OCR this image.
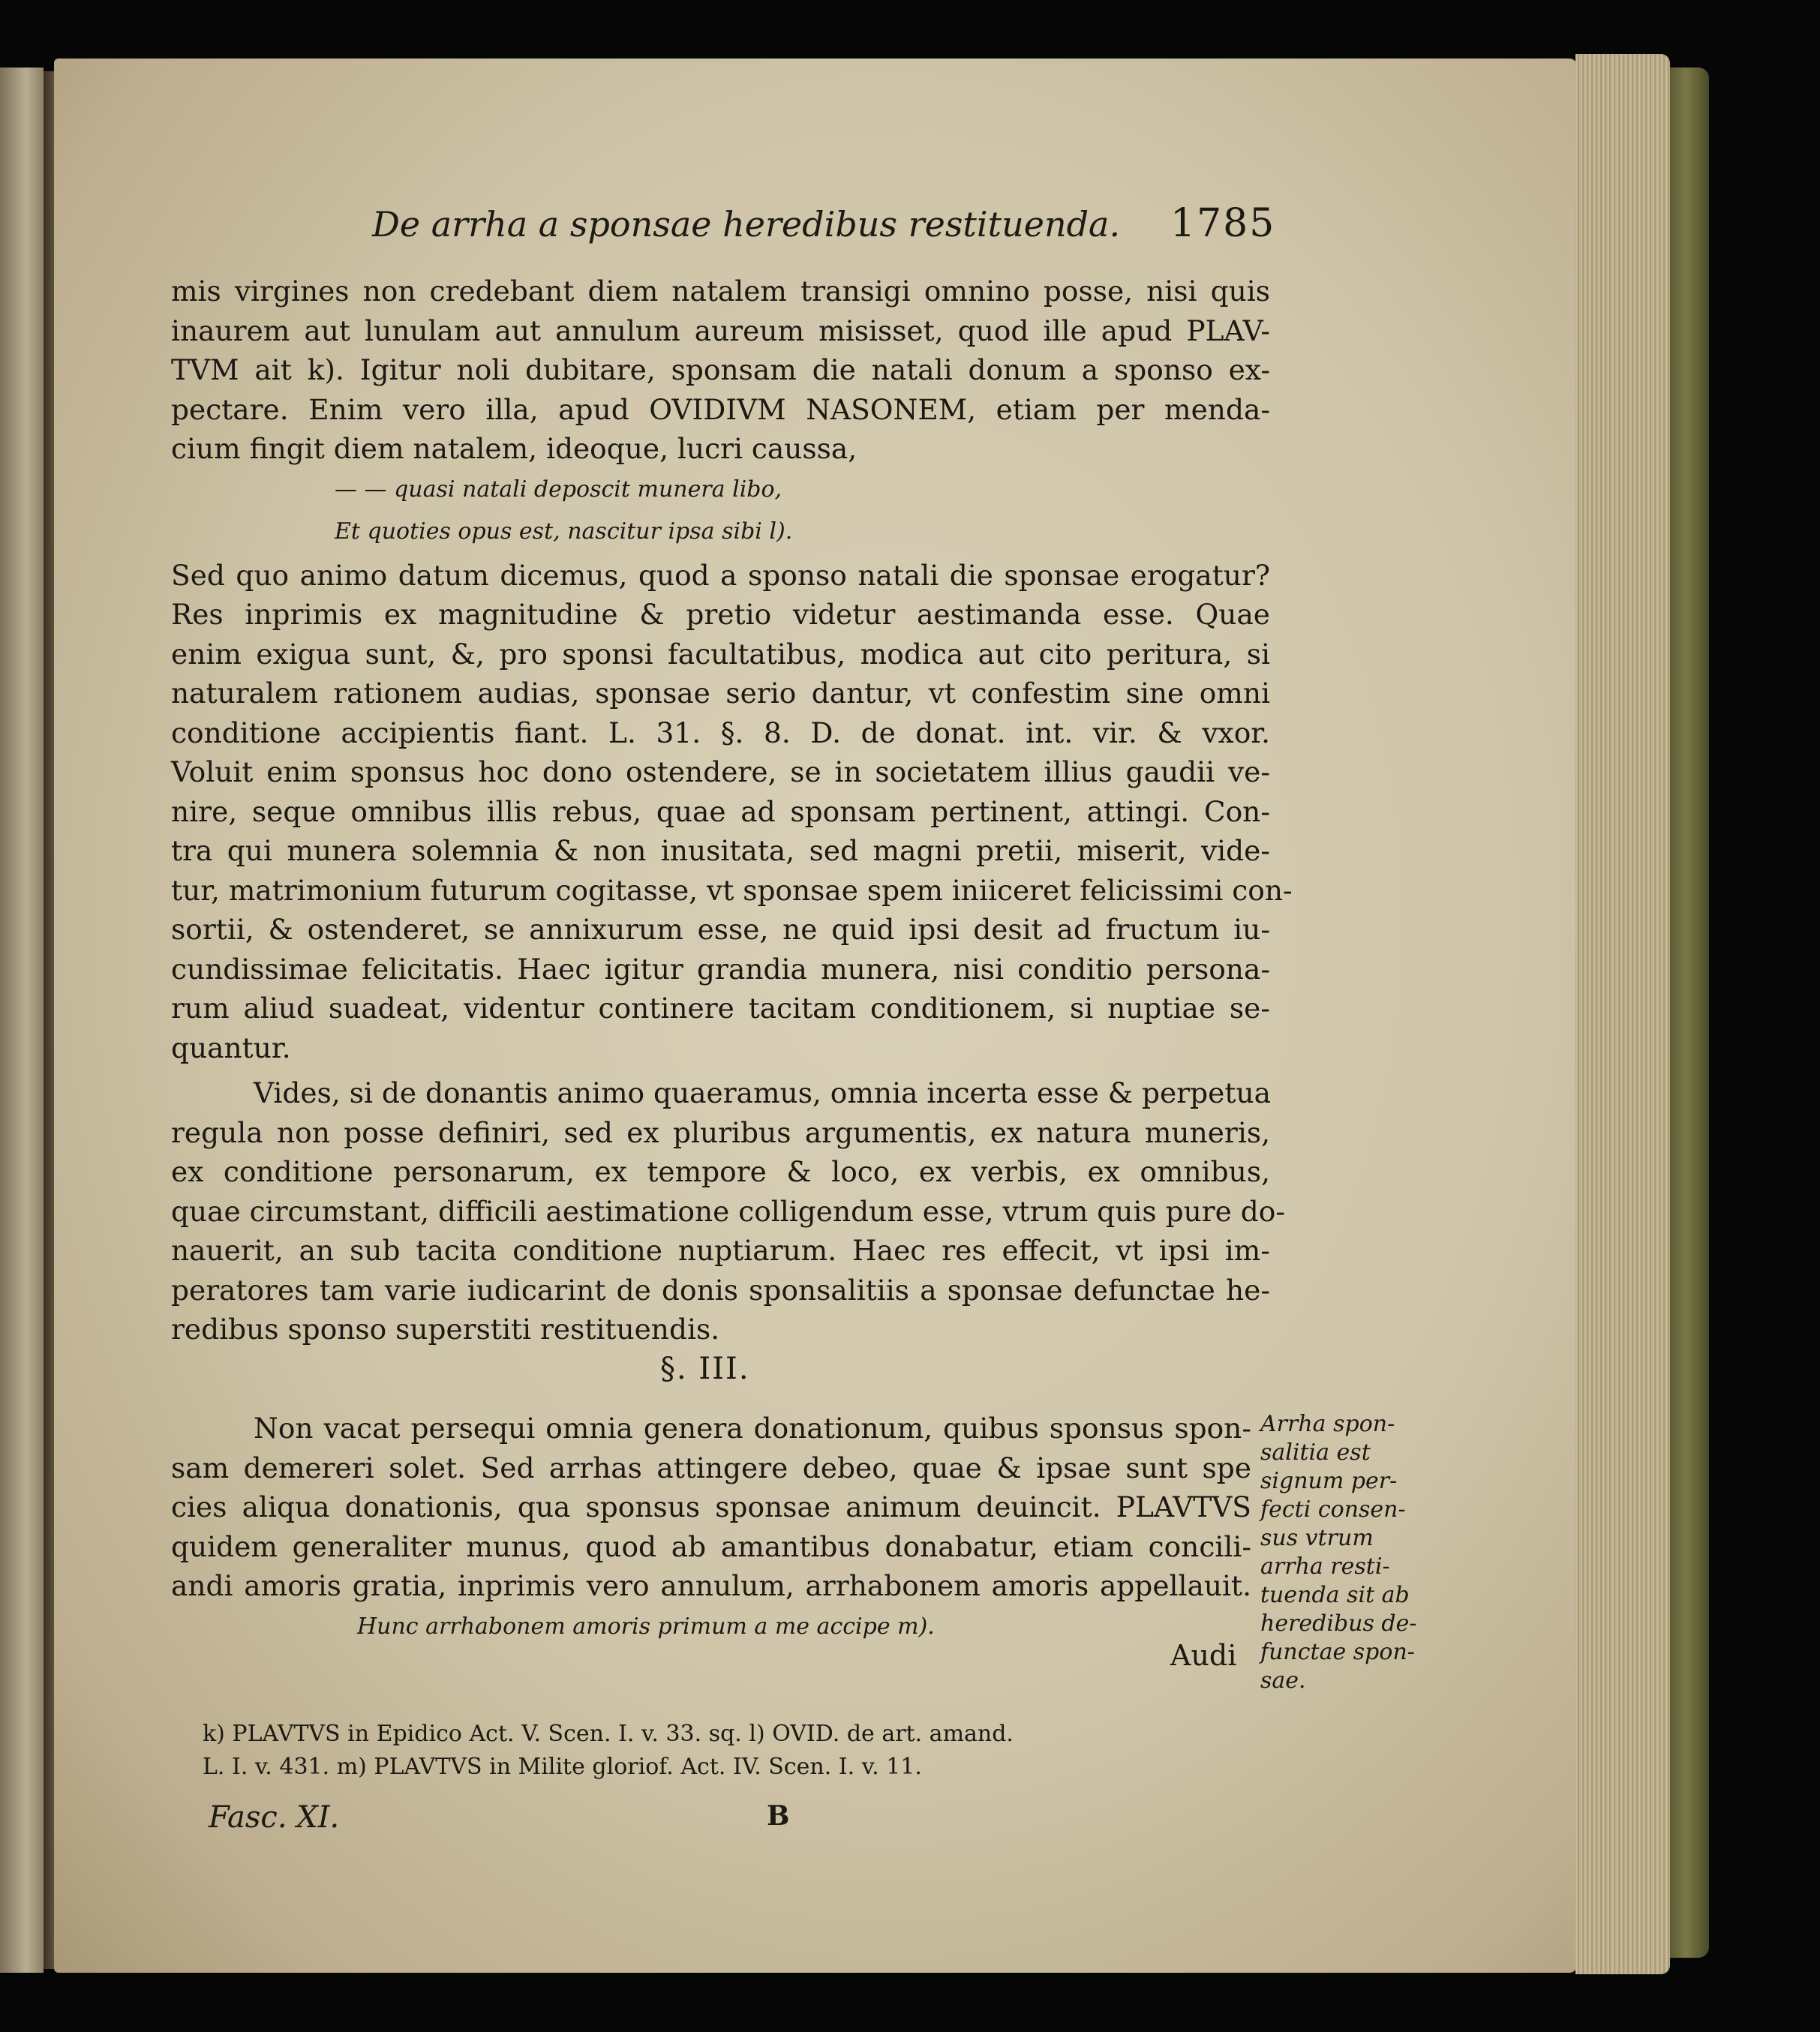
De arrha a sponsae heredibus restituenda. 1785
mis virgines non credebant diem natalem transigi omnino posse, nisi quis
inaurem aut lunulam aut annulum aureum misisset, quod ille apud PLAV-
TVM ait k). Igitur noli dubitare, sponsam die natali donum a sponso ex-
pectare. Enim vero illa, apud OVIDIVM NASONEM, etiam per menda-
cium fingit diem natalem, ideoque, lucri caussa,
— — quasi natali deposcit munera libo,
Et quoties opus est, nascitur ipsa sibi l).
Sed quo animo datum dicemus, quod a sponso natali die sponsae erogatur?
Res inprimis ex magnitudine & pretio videtur aestimanda esse. Quae
enim exigua sunt, &, pro sponsi facultatibus, modica aut cito peritura, si
naturalem rationem audias, sponsae serio dantur, vt confestim sine omni
conditione accipientis fiant. L. 31. §. 8. D. de donat. int. vir. & vxor.
Voluit enim sponsus hoc dono ostendere, se in societatem illius gaudii ve-
nire, seque omnibus illis rebus, quae ad sponsam pertinent, attingi. Con-
tra qui munera solemnia & non inusitata, sed magni pretii, miserit, vide-
tur, matrimonium futurum cogitasse, vt sponsae spem iniiceret felicissimi con-
sortii, & ostenderet, se annixurum esse, ne quid ipsi desit ad fructum iu-
cundissimae felicitatis. Haec igitur grandia munera, nisi conditio persona-
rum aliud suadeat, videntur continere tacitam conditionem, si nuptiae se-
quantur.
Vides, si de donantis animo quaeramus, omnia incerta esse & perpetua
regula non posse definiri, sed ex pluribus argumentis, ex natura muneris,
ex conditione personarum, ex tempore & loco, ex verbis, ex omnibus,
quae circumstant, difficili aestimatione colligendum esse, vtrum quis pure do-
nauerit, an sub tacita conditione nuptiarum. Haec res effecit, vt ipsi im-
peratores tam varie iudicarint de donis sponsalitiis a sponsae defunctae he-
redibus sponso superstiti restituendis.
§. III.
Non vacat persequi omnia genera donationum, quibus sponsus spon-
sam demereri solet. Sed arrhas attingere debeo, quae & ipsae sunt spe
cies aliqua donationis, qua sponsus sponsae animum deuincit. PLAVTVS
quidem generaliter munus, quod ab amantibus donabatur, etiam concili-
andi amoris gratia, inprimis vero annulum, arrhabonem amoris appellauit.
Hunc arrhabonem amoris primum a me accipe m).
Audi
Arrha spon-
salitia est
signum per-
fecti consen-
sus vtrum
arrha resti-
tuenda sit ab
heredibus de-
functae spon-
sae.
k) PLAVTVS in Epidico Act. V. Scen. I. v. 33. sq. l) OVID. de art. amand.
L. I. v. 431. m) PLAVTVS in Milite gloriof. Act. IV. Scen. I. v. 11.
Fasc. XI.	B
